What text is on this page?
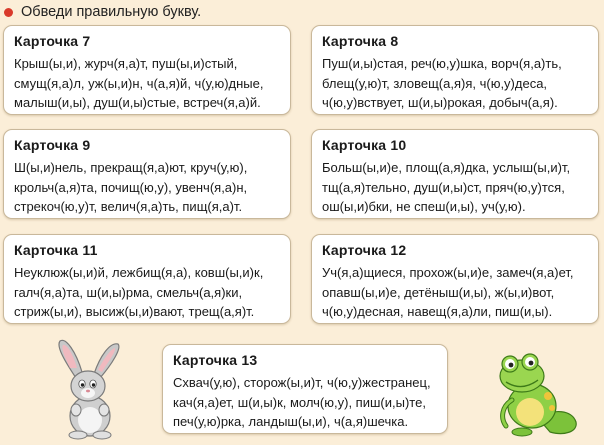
Обведи правильную букву.
Карточка 7
Крыш(ы,и), журч(я,а)т, пуш(ы,и)стый,
смущ(я,а)л, уж(ы,и)н, ч(а,я)й, ч(у,ю)дные,
малыш(и,ы), душ(и,ы)стые, встреч(я,а)й.
Карточка 8
Пуш(и,ы)стая, реч(ю,у)шка, ворч(я,а)ть,
блещ(у,ю)т, зловещ(а,я)я, ч(ю,у)деса,
ч(ю,у)вствует, ш(и,ы)рокая, добыч(а,я).
Карточка 9
Ш(ы,и)нель, прекращ(я,а)ют, круч(у,ю),
крольч(а,я)та, почищ(ю,у), увенч(я,а)н,
стрекоч(ю,у)т, велич(я,а)ть, пищ(я,а)т.
Карточка 10
Больш(ы,и)е, площ(а,я)дка, услыш(ы,и)т,
тщ(а,я)тельно, душ(и,ы)ст, пряч(ю,у)тся,
ош(ы,и)бки, не спеш(и,ы), уч(у,ю).
Карточка 11
Неуклюж(ы,и)й, лежбищ(я,а), ковш(ы,и)к,
галч(я,а)та, ш(и,ы)рма, смельч(а,я)ки,
стриж(ы,и), высиж(ы,и)вают, трещ(а,я)т.
Карточка 12
Уч(я,а)щиеся, прохож(ы,и)е, замеч(я,а)ет,
опавш(ы,и)е, детёныш(и,ы), ж(ы,и)вот,
ч(ю,у)десная, навещ(я,а)ли, пиш(и,ы).
Карточка 13
Схвач(у,ю), сторож(ы,и)т, ч(ю,у)жестранец,
кач(я,а)ет, ш(и,ы)к, молч(ю,у), пиш(и,ы)те,
печ(у,ю)рка, ландыш(ы,и), ч(а,я)шечка.
